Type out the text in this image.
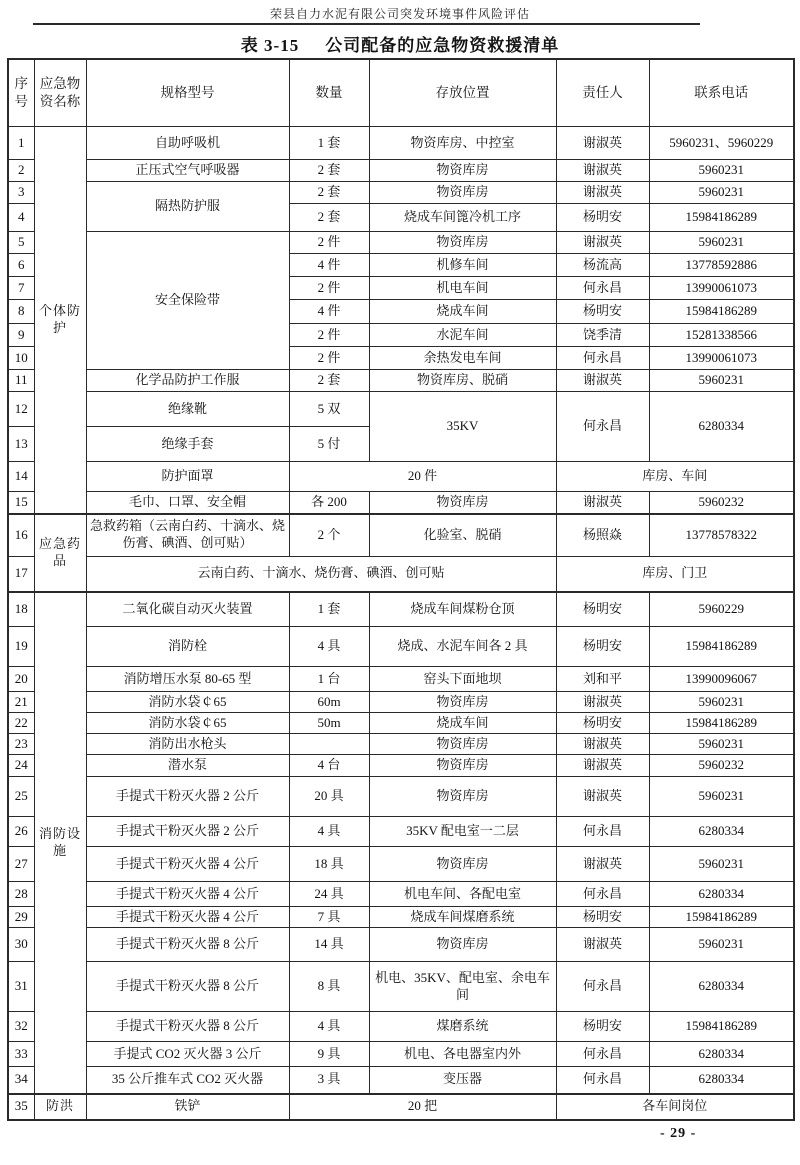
荣县自力水泥有限公司突发环境事件风险评估
表 3-15 公司配备的应急物资救援清单
序号	应急物资名称	规格型号	数量	存放位置	责任人	联系电话
1	个体防护	自助呼吸机	1 套	物资库房、中控室	谢淑英	5960231、5960229
2		正压式空气呼吸器	2 套	物资库房	谢淑英	5960231
3		隔热防护服	2 套	物资库房	谢淑英	5960231
4			2 套	烧成车间篦冷机工序	杨明安	15984186289
5		安全保险带	2 件	物资库房	谢淑英	5960231
6			4 件	机修车间	杨流高	13778592886
7			2 件	机电车间	何永昌	13990061073
8			4 件	烧成车间	杨明安	15984186289
9			2 件	水泥车间	饶季清	15281338566
10			2 件	余热发电车间	何永昌	13990061073
11		化学品防护工作服	2 套	物资库房、脱硝	谢淑英	5960231
12		绝缘靴	5 双	35KV	何永昌	6280334
13		绝缘手套	5 付			
14		防护面罩	20 件		库房、车间	
15		毛巾、口罩、安全帽	各 200	物资库房	谢淑英	5960232
16	应急药品	急救药箱（云南白药、十滴水、烧伤膏、碘酒、创可贴）	2 个	化验室、脱硝	杨照焱	13778578322
17		云南白药、十滴水、烧伤膏、碘酒、创可贴			库房、门卫	
18	消防设施	二氧化碳自动灭火装置	1 套	烧成车间煤粉仓顶	杨明安	5960229
19		消防栓	4 具	烧成、水泥车间各 2 具	杨明安	15984186289
20		消防增压水泵 80-65 型	1 台	窑头下面地坝	刘和平	13990096067
21		消防水袋￠65	60m	物资库房	谢淑英	5960231
22		消防水袋￠65	50m	烧成车间	杨明安	15984186289
23		消防出水枪头		物资库房	谢淑英	5960231
24		潜水泵	4 台	物资库房	谢淑英	5960232
25		手提式干粉灭火器 2 公斤	20 具	物资库房	谢淑英	5960231
26		手提式干粉灭火器 2 公斤	4 具	35KV 配电室一二层	何永昌	6280334
27		手提式干粉灭火器 4 公斤	18 具	物资库房	谢淑英	5960231
28		手提式干粉灭火器 4 公斤	24 具	机电车间、各配电室	何永昌	6280334
29		手提式干粉灭火器 4 公斤	7 具	烧成车间煤磨系统	杨明安	15984186289
30		手提式干粉灭火器 8 公斤	14 具	物资库房	谢淑英	5960231
31		手提式干粉灭火器 8 公斤	8 具	机电、35KV、配电室、余电车间	何永昌	6280334
32		手提式干粉灭火器 8 公斤	4 具	煤磨系统	杨明安	15984186289
33		手提式 CO2 灭火器 3 公斤	9 具	机电、各电器室内外	何永昌	6280334
34		35 公斤推车式 CO2 灭火器	3 具	变压器	何永昌	6280334
35	防洪	铁铲	20 把		各车间岗位	
- 29 -
